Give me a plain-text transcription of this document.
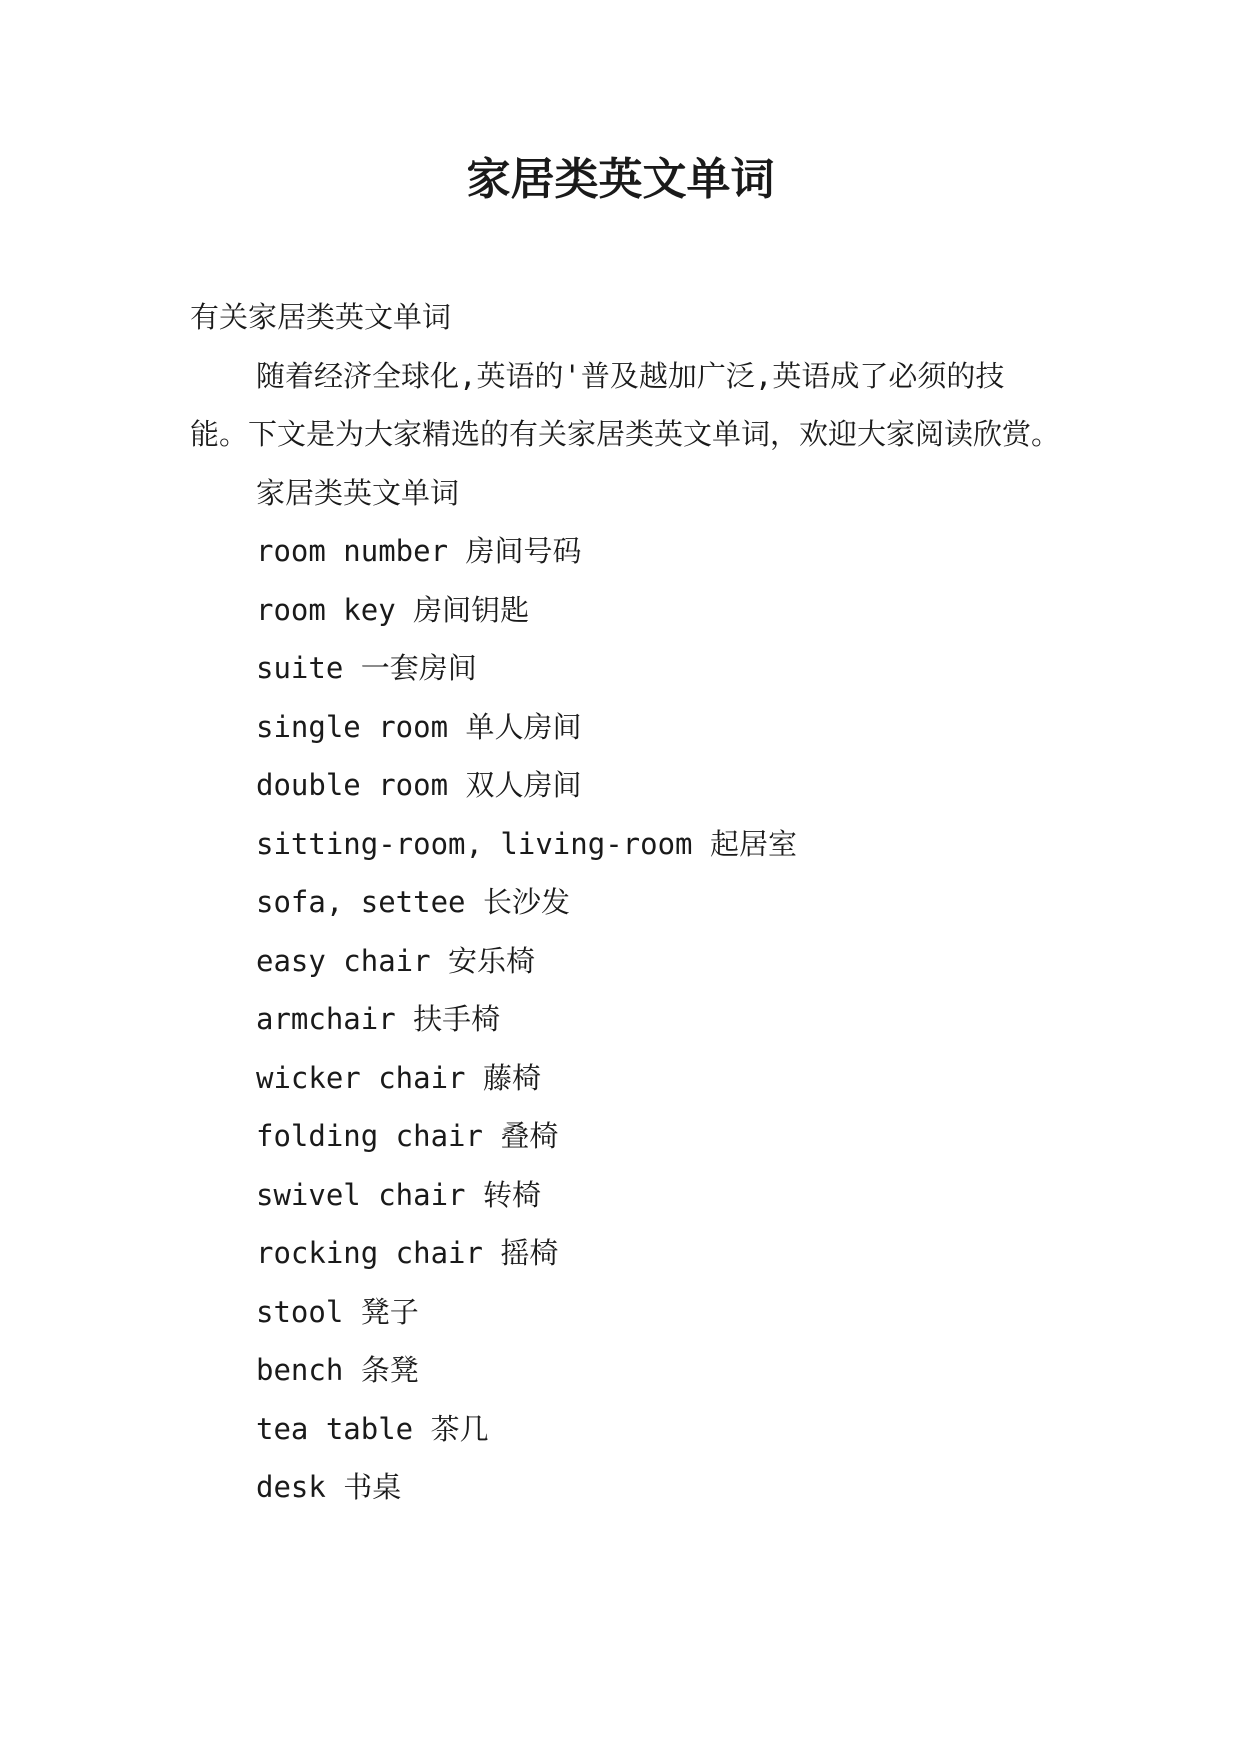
家居类英文单词

有关家居类英文单词

随着经济全球化,英语的'普及越加广泛,英语成了必须的技能。下文是为大家精选的有关家居类英文单词，欢迎大家阅读欣赏。

家居类英文单词

room number 房间号码

room key 房间钥匙

suite 一套房间

single room 单人房间

double room 双人房间

sitting-room, living-room 起居室

sofa, settee 长沙发

easy chair 安乐椅

armchair 扶手椅

wicker chair 藤椅

folding chair 叠椅

swivel chair 转椅

rocking chair 摇椅

stool 凳子

bench 条凳

tea table 茶几

desk 书桌
